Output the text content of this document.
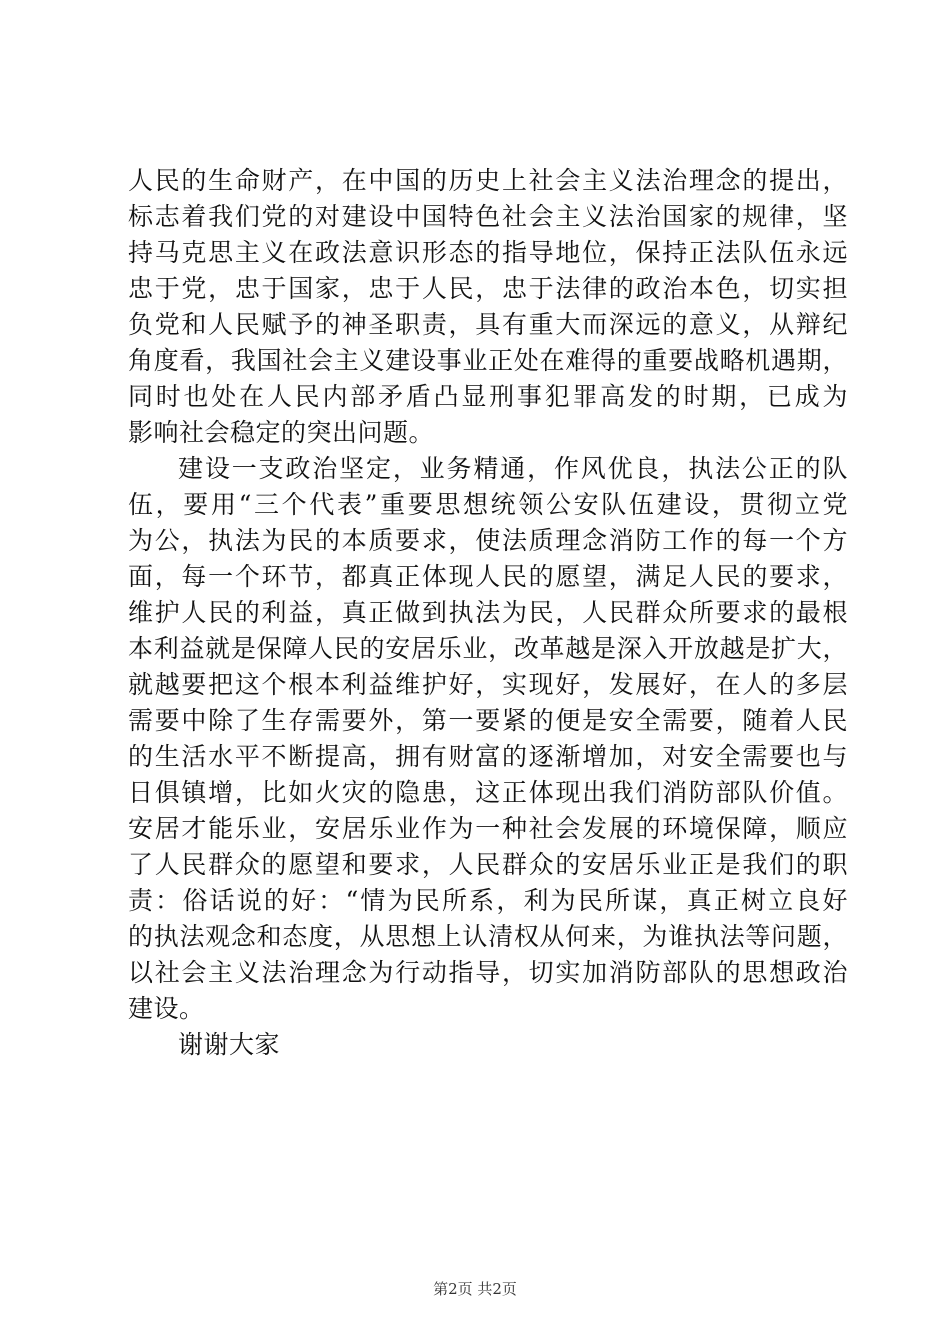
人民的生命财产，在中国的历史上社会主义法治理念的提出，
标志着我们党的对建设中国特色社会主义法治国家的规律，坚
持马克思主义在政法意识形态的指导地位，保持正法队伍永远
忠于党，忠于国家，忠于人民，忠于法律的政治本色，切实担
负党和人民赋予的神圣职责，具有重大而深远的意义，从辩纪
角度看，我国社会主义建设事业正处在难得的重要战略机遇期，
同时也处在人民内部矛盾凸显刑事犯罪高发的时期，已成为
影响社会稳定的突出问题。
建设一支政治坚定，业务精通，作风优良，执法公正的队
伍，要用“三个代表”重要思想统领公安队伍建设，贯彻立党
为公，执法为民的本质要求，使法质理念消防工作的每一个方
面，每一个环节，都真正体现人民的愿望，满足人民的要求，
维护人民的利益，真正做到执法为民，人民群众所要求的最根
本利益就是保障人民的安居乐业，改革越是深入开放越是扩大，
就越要把这个根本利益维护好，实现好，发展好，在人的多层
需要中除了生存需要外，第一要紧的便是安全需要，随着人民
的生活水平不断提高，拥有财富的逐渐增加，对安全需要也与
日俱镇增，比如火灾的隐患，这正体现出我们消防部队价值。
安居才能乐业，安居乐业作为一种社会发展的环境保障，顺应
了人民群众的愿望和要求，人民群众的安居乐业正是我们的职
责：俗话说的好：“情为民所系，利为民所谋，真正树立良好
的执法观念和态度，从思想上认清权从何来，为谁执法等问题，
以社会主义法治理念为行动指导，切实加消防部队的思想政治
建设。
谢谢大家
第2页 共2页
